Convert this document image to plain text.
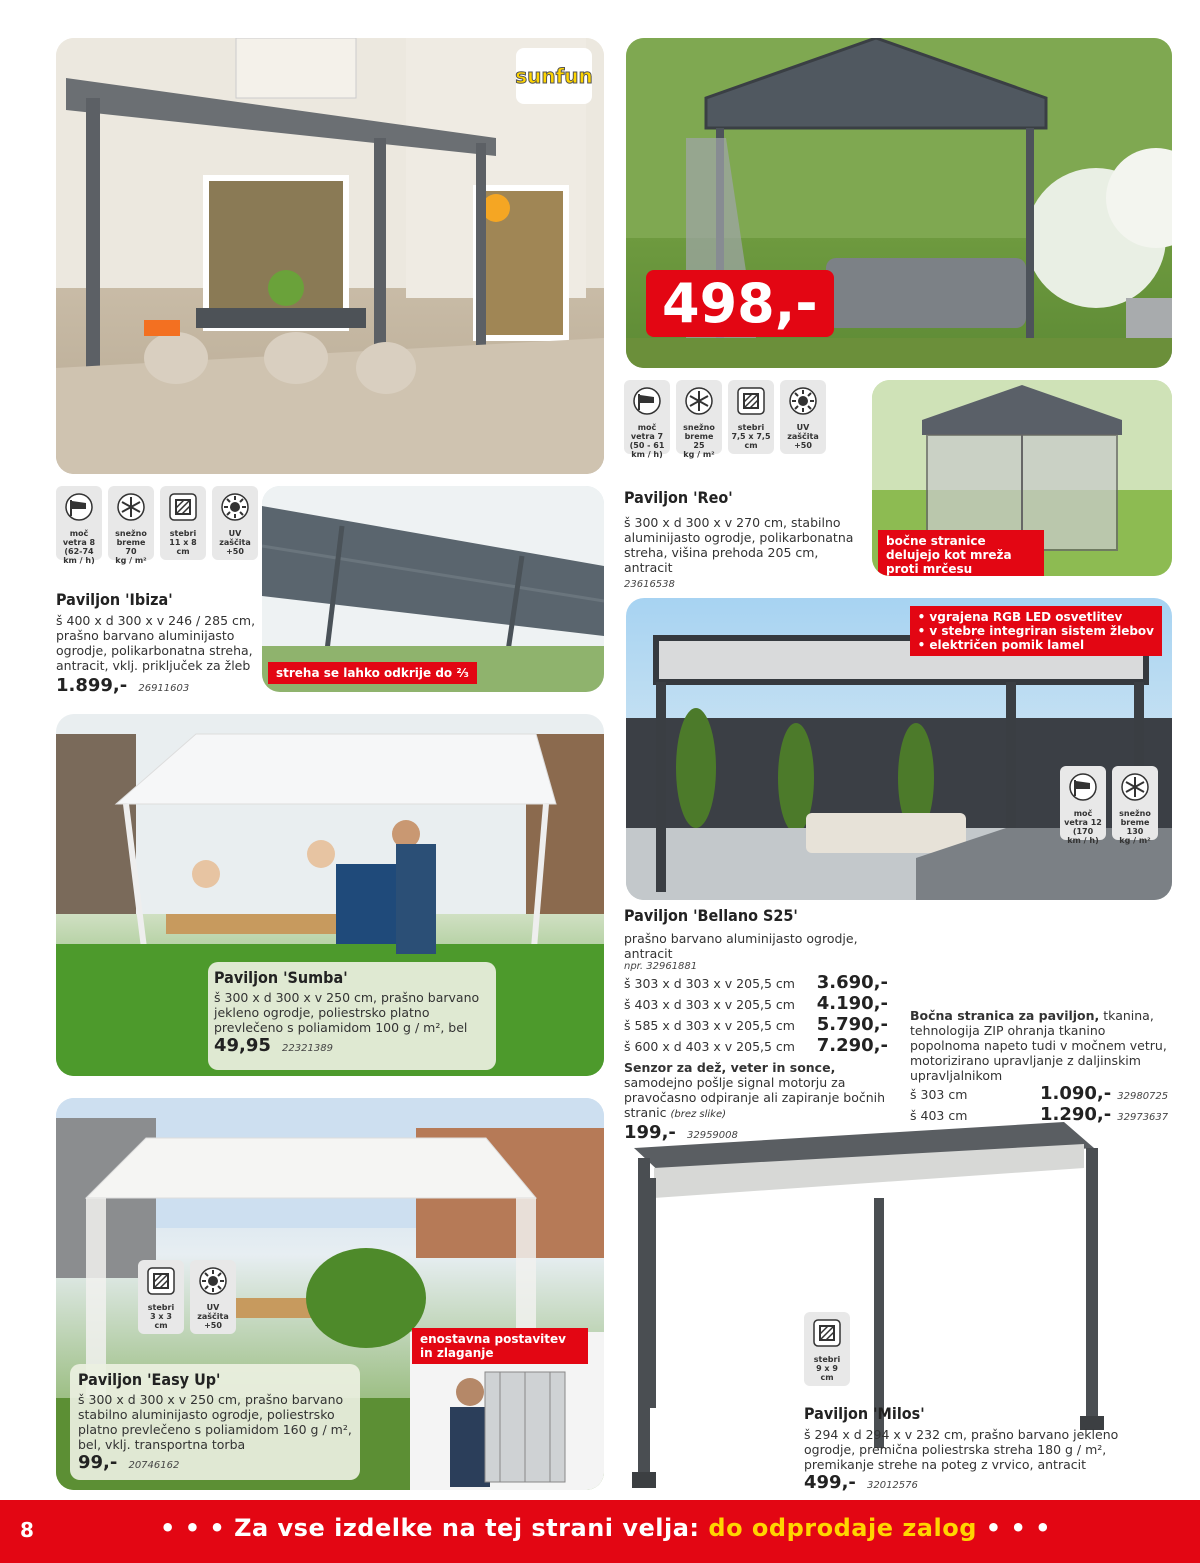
sunfun
498,-
moč
vetra 7
(50 - 61
km / h)
snežno
breme
25
kg / m²
stebri
7,5 x 7,5
cm
UV
zaščita
+50
Paviljon 'Reo'
š 300 x d 300 x v 270 cm, stabilno aluminijasto ogrodje, polikarbonatna streha, višina prehoda 205 cm, antracit
23616538
bočne stranice delujejo kot mreža proti mrčesu
moč
vetra 8
(62-74
km / h)
snežno
breme
70
kg / m²
stebri
11 x 8
cm
UV
zaščita
+50
Paviljon 'Ibiza'
š 400 x d 300 x v 246 / 285 cm, prašno barvano aluminijasto ogrodje, polikarbonatna streha, antracit, vklj. priključek za žleb
1.899,- 26911603
streha se lahko odkrije do ⅔
• vgrajena RGB LED osvetlitev
• v stebre integriran sistem žlebov
• električen pomik lamel
moč
vetra 12
(170
km / h)
snežno
breme
130
kg / m²
Paviljon 'Bellano S25'
prašno barvano aluminijasto ogrodje, antracit
npr. 32961881
š 303 x d 303 x v 205,5 cm 3.690,-
š 403 x d 303 x v 205,5 cm 4.190,-
š 585 x d 303 x v 205,5 cm 5.790,-
š 600 x d 403 x v 205,5 cm 7.290,-
Senzor za dež, veter in sonce, samodejno pošlje signal motorju za pravočasno odpiranje ali zapiranje bočnih stranic (brez slike)
199,- 32959008
Bočna stranica za paviljon, tkanina, tehnologija ZIP ohranja tkanino popolnoma napeto tudi v močnem vetru, motorizirano upravljanje z daljinskim upravljalnikom
š 303 cm	1.090,- 32980725
š 403 cm	1.290,- 32973637
Paviljon 'Sumba'
š 300 x d 300 x v 250 cm, prašno barvano jekleno ogrodje, poliestrsko platno prevlečeno s poliamidom 100 g / m², bel
49,95 22321389
stebri
3 x 3
cm
UV
zaščita
+50
Paviljon 'Easy Up'
š 300 x d 300 x v 250 cm, prašno barvano stabilno aluminijasto ogrodje, poliestrsko platno prevlečeno s poliamidom 160 g / m², bel, vklj. transportna torba
99,- 20746162
enostavna postavitev in zlaganje	stebri
9 x 9
cm
Paviljon 'Milos'
š 294 x d 294 x v 232 cm, prašno barvano jekleno ogrodje, premična poliestrska streha 180 g / m², premikanje strehe na poteg z vrvico, antracit
499,- 32012576
8	• • • Za vse izdelke na tej strani velja: do odprodaje zalog • • •
